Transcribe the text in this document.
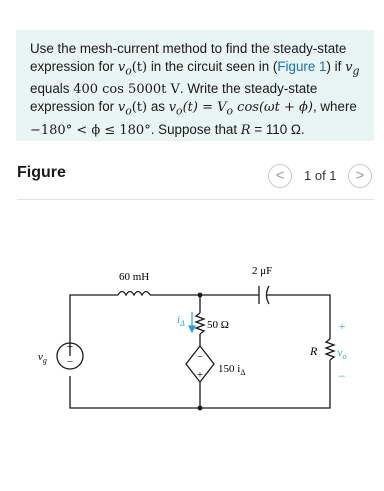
Use the mesh-current method to find the steady-state expression for $v_o(t)$ in the circuit seen in (Figure 1) if $v_g$
equals 400 cos 5000t V. Write the steady-state expression for $v_o(t)$ as $v_o(t) = V_o$ cos(ωt + ϕ), where
−180° < ϕ ≤ 180°. Suppose that R = 110 Ω.
Figure	<	1 of 1	>
+
−	−
+
60 mH	2 μF
50 Ω
150 $i_\Delta$
$v_g$
R
$i_\Delta$	+
$v_o$
−
